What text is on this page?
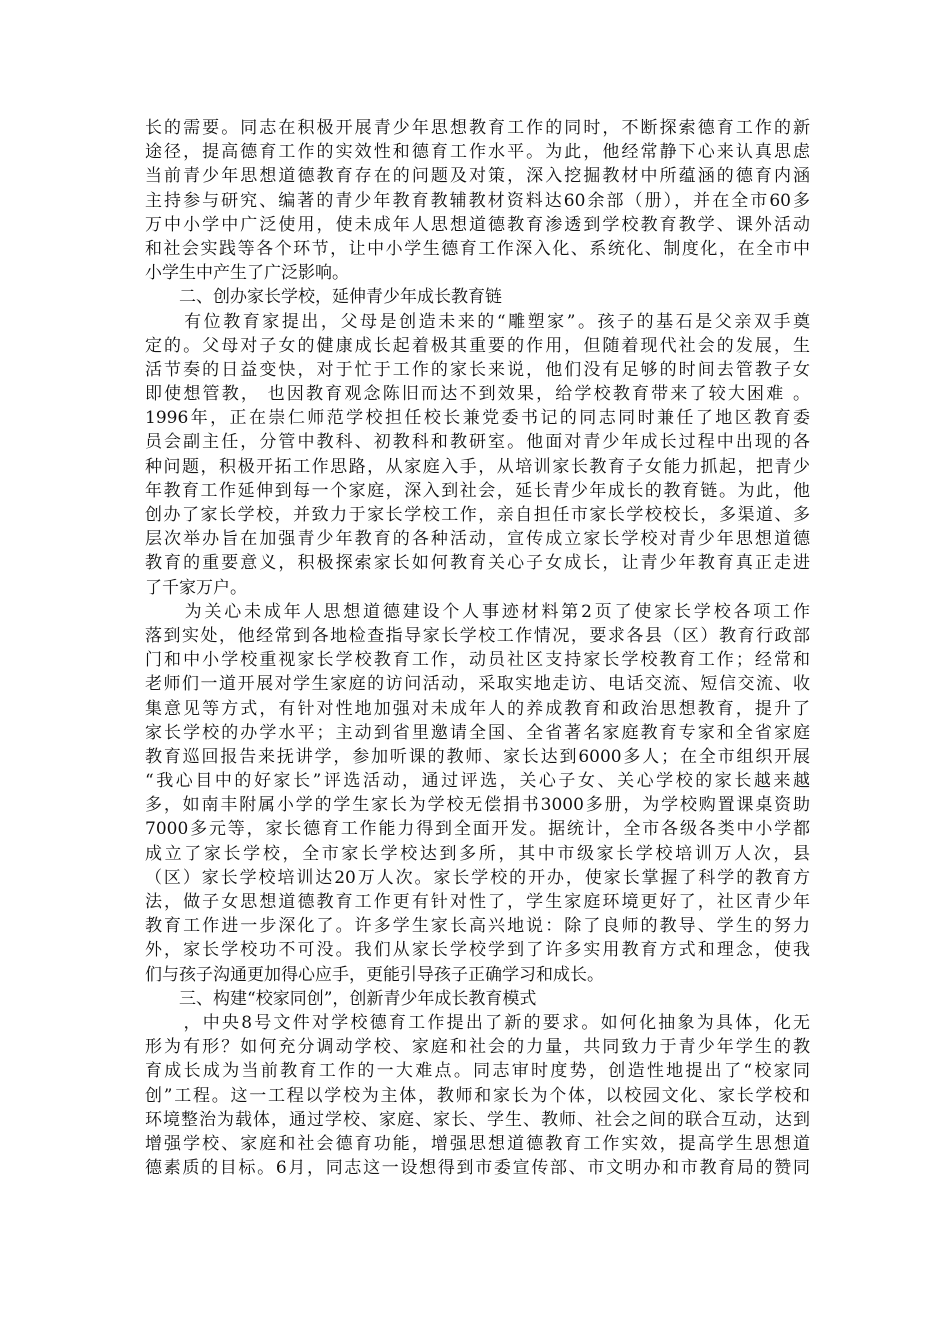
长的需要。同志在积极开展青少年思想教育工作的同时，不断探索德育工作的新
途径，提高德育工作的实效性和德育工作水平。为此，他经常静下心来认真思虑
当前青少年思想道德教育存在的问题及对策，深入挖掘教材中所蕴涵的德育内涵
主持参与研究、编著的青少年教育教辅教材资料达60余部（册），并在全市60多
万中小学中广泛使用，使未成年人思想道德教育渗透到学校教育教学、课外活动
和社会实践等各个环节，让中小学生德育工作深入化、系统化、制度化，在全市中
小学生中产生了广泛影响。
　　二、创办家长学校，延伸青少年成长教育链
　　有位教育家提出，父母是创造未来的“雕塑家”。孩子的基石是父亲双手奠
定的。父母对子女的健康成长起着极其重要的作用，但随着现代社会的发展，生
活节奏的日益变快，对于忙于工作的家长来说，他们没有足够的时间去管教子女
即使想管教， 也因教育观念陈旧而达不到效果，给学校教育带来了较大困难 。
1996年，正在崇仁师范学校担任校长兼党委书记的同志同时兼任了地区教育委
员会副主任，分管中教科、初教科和教研室。他面对青少年成长过程中出现的各
种问题，积极开拓工作思路，从家庭入手，从培训家长教育子女能力抓起，把青少
年教育工作延伸到每一个家庭，深入到社会，延长青少年成长的教育链。为此，他
创办了家长学校，并致力于家长学校工作，亲自担任市家长学校校长，多渠道、多
层次举办旨在加强青少年教育的各种活动，宣传成立家长学校对青少年思想道德
教育的重要意义，积极探索家长如何教育关心子女成长，让青少年教育真正走进
了千家万户。
　　为关心未成年人思想道德建设个人事迹材料第2页了使家长学校各项工作
落到实处，他经常到各地检查指导家长学校工作情况，要求各县（区）教育行政部
门和中小学校重视家长学校教育工作，动员社区支持家长学校教育工作；经常和
老师们一道开展对学生家庭的访问活动，采取实地走访、电话交流、短信交流、收
集意见等方式，有针对性地加强对未成年人的养成教育和政治思想教育，提升了
家长学校的办学水平；主动到省里邀请全国、全省著名家庭教育专家和全省家庭
教育巡回报告来抚讲学，参加听课的教师、家长达到6000多人；在全市组织开展
“我心目中的好家长”评选活动，通过评选，关心子女、关心学校的家长越来越
多，如南丰附属小学的学生家长为学校无偿捐书3000多册，为学校购置课桌资助
7000多元等，家长德育工作能力得到全面开发。据统计，全市各级各类中小学都
成立了家长学校，全市家长学校达到多所，其中市级家长学校培训万人次，县
（区）家长学校培训达20万人次。家长学校的开办，使家长掌握了科学的教育方
法，做子女思想道德教育工作更有针对性了，学生家庭环境更好了，社区青少年
教育工作进一步深化了。许多学生家长高兴地说：除了良师的教导、学生的努力
外，家长学校功不可没。我们从家长学校学到了许多实用教育方式和理念，使我
们与孩子沟通更加得心应手，更能引导孩子正确学习和成长。
　　三、构建“校家同创”，创新青少年成长教育模式
　　，中央8号文件对学校德育工作提出了新的要求。如何化抽象为具体，化无
形为有形？如何充分调动学校、家庭和社会的力量，共同致力于青少年学生的教
育成长成为当前教育工作的一大难点。同志审时度势，创造性地提出了“校家同
创”工程。这一工程以学校为主体，教师和家长为个体，以校园文化、家长学校和
环境整治为载体，通过学校、家庭、家长、学生、教师、社会之间的联合互动，达到
增强学校、家庭和社会德育功能，增强思想道德教育工作实效，提高学生思想道
德素质的目标。6月，同志这一设想得到市委宣传部、市文明办和市教育局的赞同
